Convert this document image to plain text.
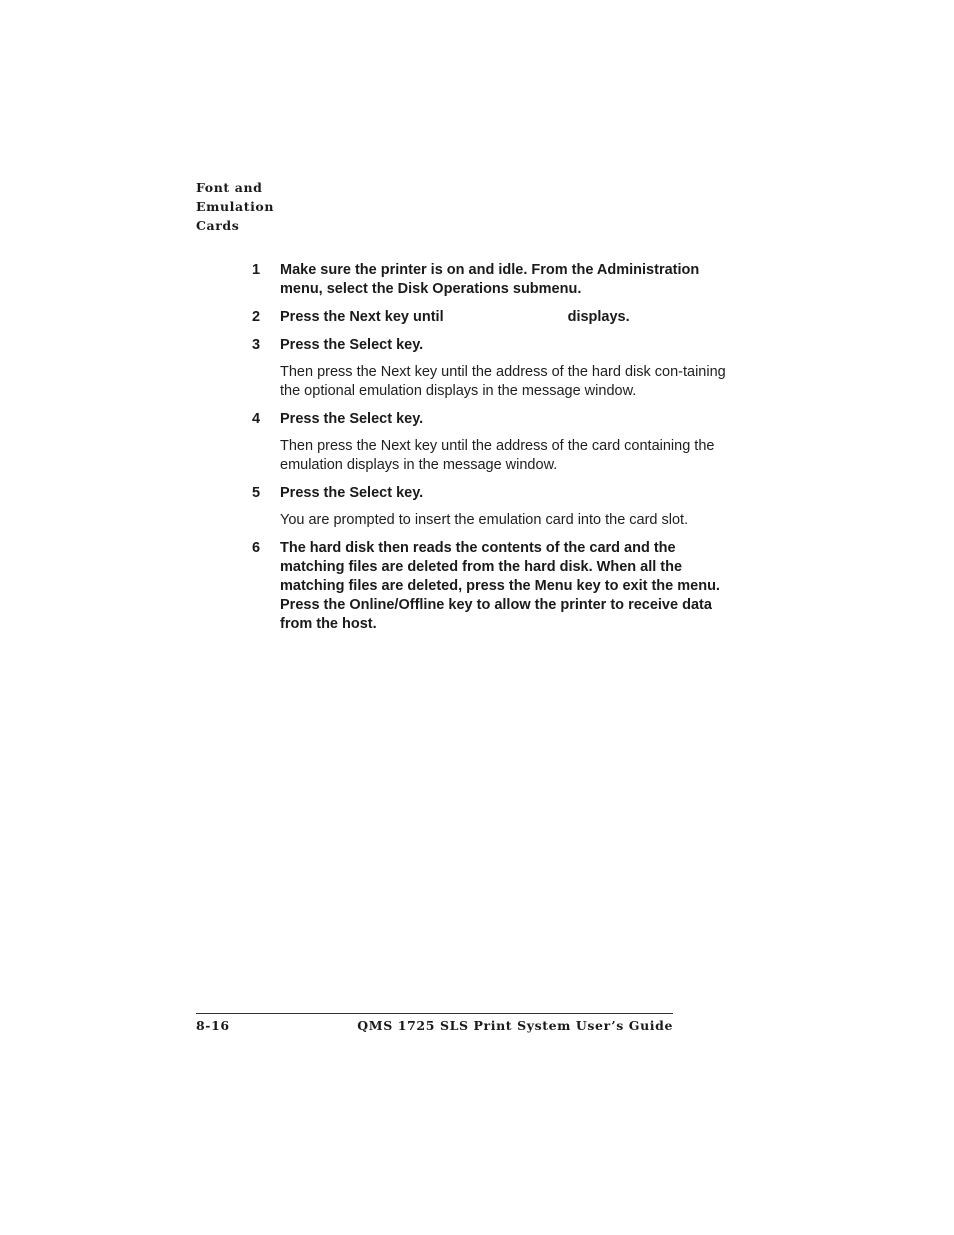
Font and
Emulation
Cards
1 Make sure the printer is on and idle. From the Administration menu, select the Disk Operations submenu.
2 Press the Next key until	displays.
3 Press the Select key.
Then press the Next key until the address of the hard disk con-taining the optional emulation displays in the message window.
4 Press the Select key.
Then press the Next key until the address of the card containing the emulation displays in the message window.
5 Press the Select key.
You are prompted to insert the emulation card into the card slot.
6 The hard disk then reads the contents of the card and the matching files are deleted from the hard disk. When all the matching files are deleted, press the Menu key to exit the menu. Press the Online/Offline key to allow the printer to receive data from the host.
8-16	QMS 1725 SLS Print System User’s Guide
